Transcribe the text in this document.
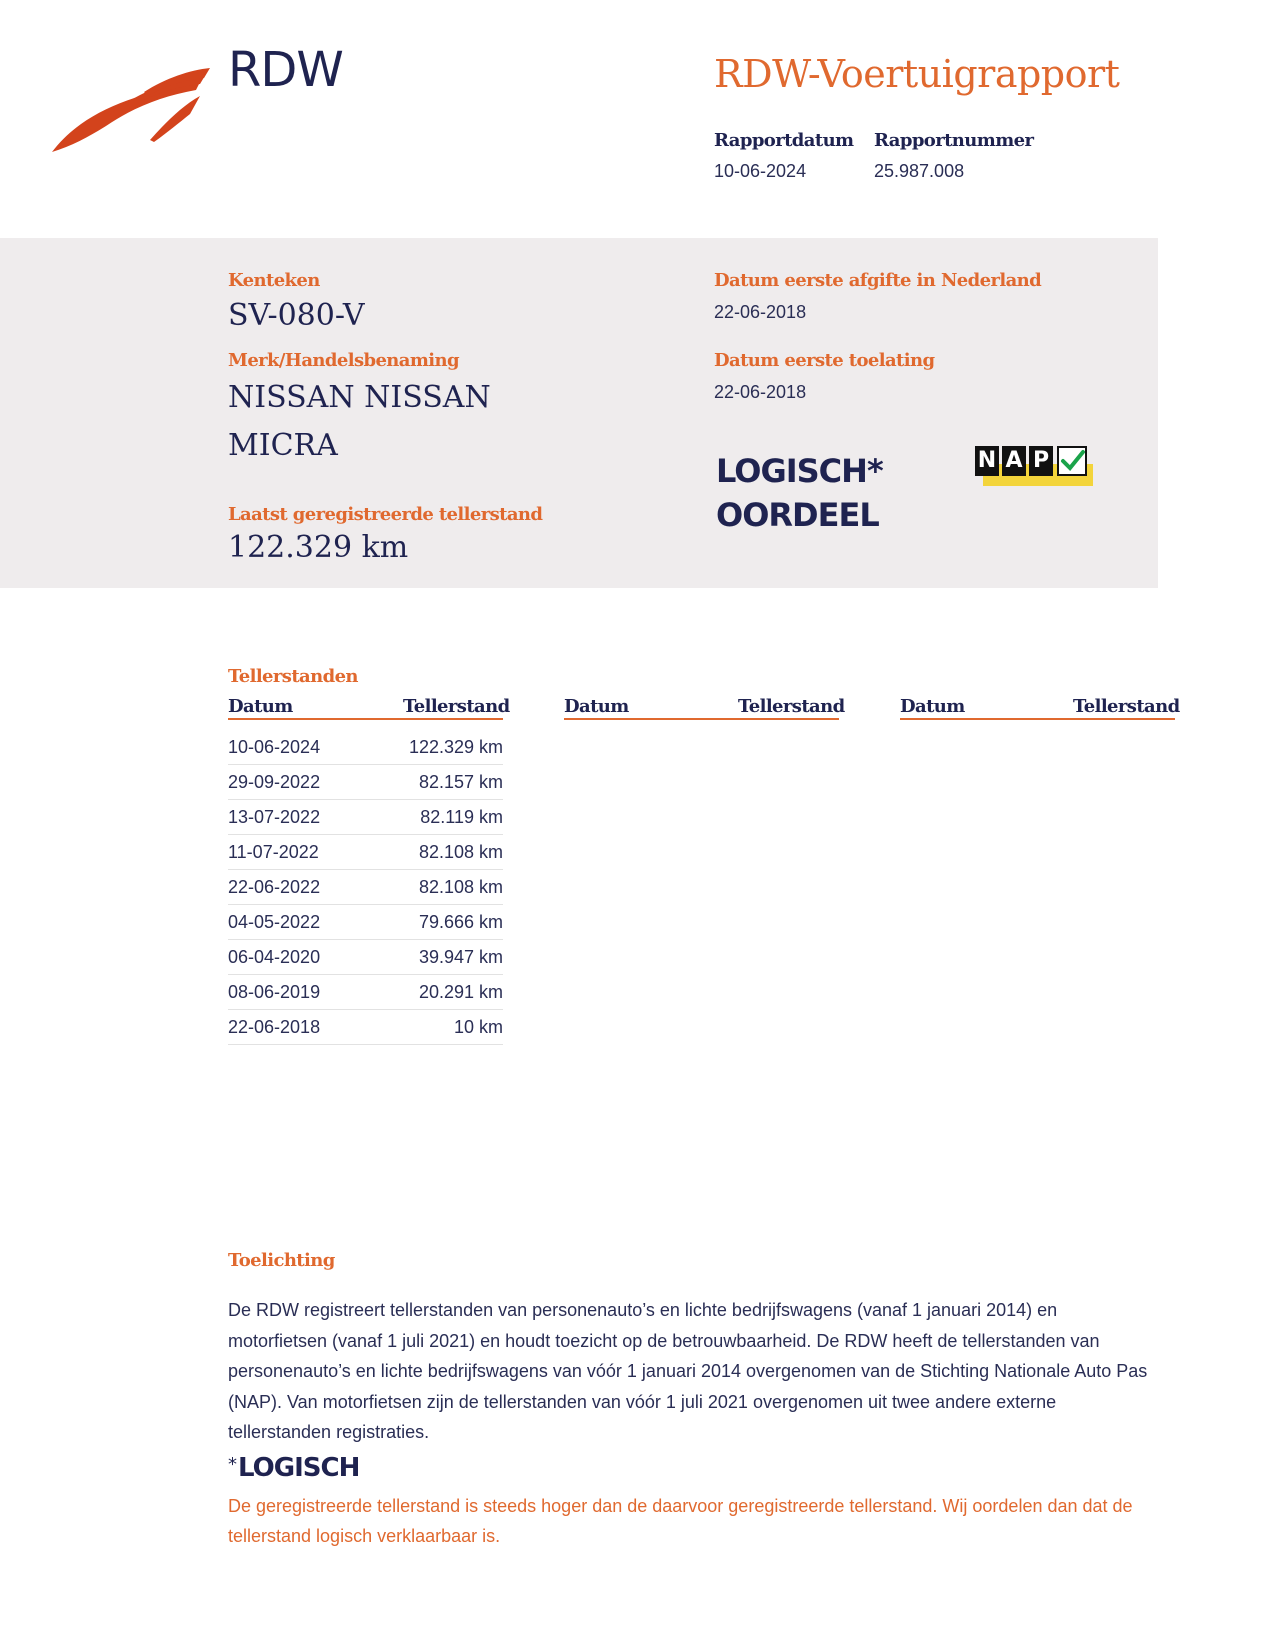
RDW	RDW-Voertuigrapport
Rapportdatum
10-06-2024
Rapportnummer
25.987.008
Kenteken
SV-080-V
Merk/Handelsbenaming
NISSAN NISSAN
MICRA
Laatst geregistreerde tellerstand
122.329 km
Datum eerste afgifte in Nederland
22-06-2018
Datum eerste toelating
22-06-2018
LOGISCH*
OORDEEL
N A P
Tellerstanden
Datum	Tellerstand	Datum	Tellerstand	Datum	Tellerstand
10-06-2024	122.329 km
29-09-2022	82.157 km
13-07-2022	82.119 km
11-07-2022	82.108 km
22-06-2022	82.108 km
04-05-2022	79.666 km
06-04-2020	39.947 km
08-06-2019	20.291 km
22-06-2018	10 km
Toelichting
De RDW registreert tellerstanden van personenauto’s en lichte bedrijfswagens (vanaf 1 januari 2014) en motorfietsen (vanaf 1 juli 2021) en houdt toezicht op de betrouwbaarheid. De RDW heeft de tellerstanden van personenauto’s en lichte bedrijfswagens van vóór 1 januari 2014 overgenomen van de Stichting Nationale Auto Pas (NAP). Van motorfietsen zijn de tellerstanden van vóór 1 juli 2021 overgenomen uit twee andere externe tellerstanden registraties.
*LOGISCH
De geregistreerde tellerstand is steeds hoger dan de daarvoor geregistreerde tellerstand. Wij oordelen dan dat de tellerstand logisch verklaarbaar is.
